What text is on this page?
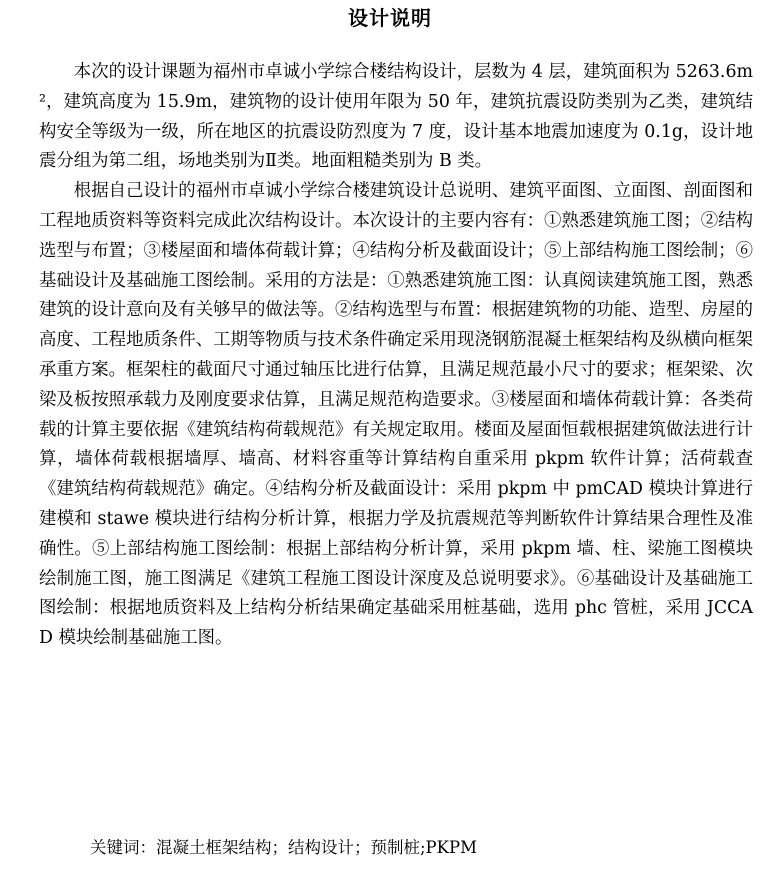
设计说明

本次的设计课题为福州市卓诚小学综合楼结构设计，层数为 4 层，建筑面积为 5263.6m²，建筑高度为 15.9m，建筑物的设计使用年限为 50 年，建筑抗震设防类别为乙类，建筑结构安全等级为一级，所在地区的抗震设防烈度为 7 度，设计基本地震加速度为 0.1g，设计地震分组为第二组，场地类别为Ⅱ类。地面粗糙类别为 B 类。

根据自己设计的福州市卓诚小学综合楼建筑设计总说明、建筑平面图、立面图、剖面图和工程地质资料等资料完成此次结构设计。本次设计的主要内容有：①熟悉建筑施工图；②结构选型与布置；③楼屋面和墙体荷载计算；④结构分析及截面设计；⑤上部结构施工图绘制；⑥基础设计及基础施工图绘制。采用的方法是：①熟悉建筑施工图：认真阅读建筑施工图，熟悉建筑的设计意向及有关够早的做法等。②结构选型与布置：根据建筑物的功能、造型、房屋的高度、工程地质条件、工期等物质与技术条件确定采用现浇钢筋混凝土框架结构及纵横向框架承重方案。框架柱的截面尺寸通过轴压比进行估算，且满足规范最小尺寸的要求；框架梁、次梁及板按照承载力及刚度要求估算，且满足规范构造要求。③楼屋面和墙体荷载计算：各类荷载的计算主要依据《建筑结构荷载规范》有关规定取用。楼面及屋面恒载根据建筑做法进行计算，墙体荷载根据墙厚、墙高、材料容重等计算结构自重采用 pkpm 软件计算；活荷载查《建筑结构荷载规范》确定。④结构分析及截面设计：采用 pkpm 中 pmCAD 模块计算进行建模和 stawe 模块进行结构分析计算，根据力学及抗震规范等判断软件计算结果合理性及准确性。⑤上部结构施工图绘制：根据上部结构分析计算，采用 pkpm 墙、柱、梁施工图模块绘制施工图，施工图满足《建筑工程施工图设计深度及总说明要求》。⑥基础设计及基础施工图绘制：根据地质资料及上结构分析结果确定基础采用桩基础，选用 phc 管桩，采用 JCCAD 模块绘制基础施工图。

关键词：混凝土框架结构；结构设计；预制桩;PKPM
